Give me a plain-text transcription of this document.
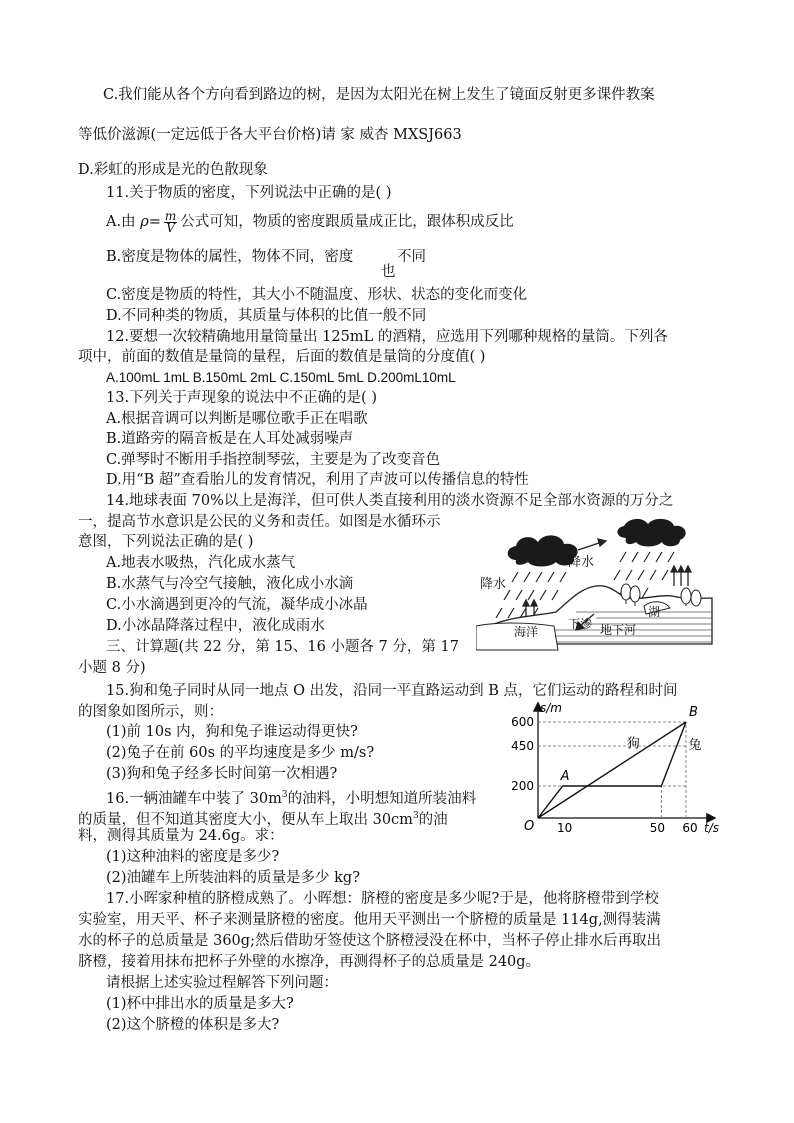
C.我们能从各个方向看到路边的树，是因为太阳光在树上发生了镜面反射更多课件教案
等低价滋源(一定远低于各大平台价格)请 家 威杏 MXSJ663
D.彩虹的形成是光的色散现象
11.关于物质的密度，下列说法中正确的是( )
A.由 $\rho= \frac{m}{V}$ 公式可知，物质的密度跟质量成正比，跟体积成反比
B.密度是物体的属性，物体不同，密度
也
不同
C.密度是物质的特性，其大小不随温度、形状、状态的变化而变化
D.不同种类的物质，其质量与体积的比值一般不同
12.要想一次较精确地用量筒量出 125mL 的酒精，应选用下列哪种规格的量筒。下列各
项中，前面的数值是量筒的量程，后面的数值是量筒的分度值( )
A.100mL 1mL B.150mL 2mL C.150mL 5mL D.200mL10mL
13.下列关于声现象的说法中不正确的是( )
A.根据音调可以判断是哪位歌手正在唱歌
B.道路旁的隔音板是在人耳处减弱噪声
C.弹琴时不断用手指控制琴弦，主要是为了改变音色
D.用“B 超”查看胎儿的发育情况，利用了声波可以传播信息的特性
14.地球表面 70%以上是海洋，但可供人类直接利用的淡水资源不足全部水资源的万分之
一，提高节水意识是公民的义务和责任。如图是水循环示
意图，下列说法正确的是( )
A.地表水吸热，汽化成水蒸气
B.水蒸气与冷空气接触，液化成小水滴
C.小水滴遇到更冷的气流，凝华成小冰晶
D.小冰晶降落过程中，液化成雨水
降水
降水
海洋
下渗 地下河
湖
三、计算题(共 22 分，第 15、16 小题各 7 分，第 17
小题 8 分)
15.狗和兔子同时从同一地点 O 出发，沿同一平直路运动到 B 点，它们运动的路程和时间
的图象如图所示，则：
(1)前 10s 内，狗和兔子谁运动得更快?
(2)兔子在前 60s 的平均速度是多少 m/s?
(3)狗和兔子经多长时间第一次相遇?
s/m
t/s
O
200
450
600
10	50 60
狗	兔
A
B
16.一辆油罐车中装了 $30m^3$的油料，小明想知道所装油料
的质量，但不知道其密度大小，便从车上取出 $30cm^3$的油
料，测得其质量为 24.6g。求：
(1)这种油料的密度是多少?
(2)油罐车上所装油料的质量是多少 kg?
17.小晖家种植的脐橙成熟了。小晖想：脐橙的密度是多少呢?于是，他将脐橙带到学校
实验室，用天平、杯子来测量脐橙的密度。他用天平测出一个脐橙的质量是 114g,测得装满
水的杯子的总质量是 360g;然后借助牙签使这个脐橙浸没在杯中，当杯子停止排水后再取出
脐橙，接着用抹布把杯子外壁的水擦净，再测得杯子的总质量是 240g。
请根据上述实验过程解答下列问题：
(1)杯中排出水的质量是多大?
(2)这个脐橙的体积是多大?
